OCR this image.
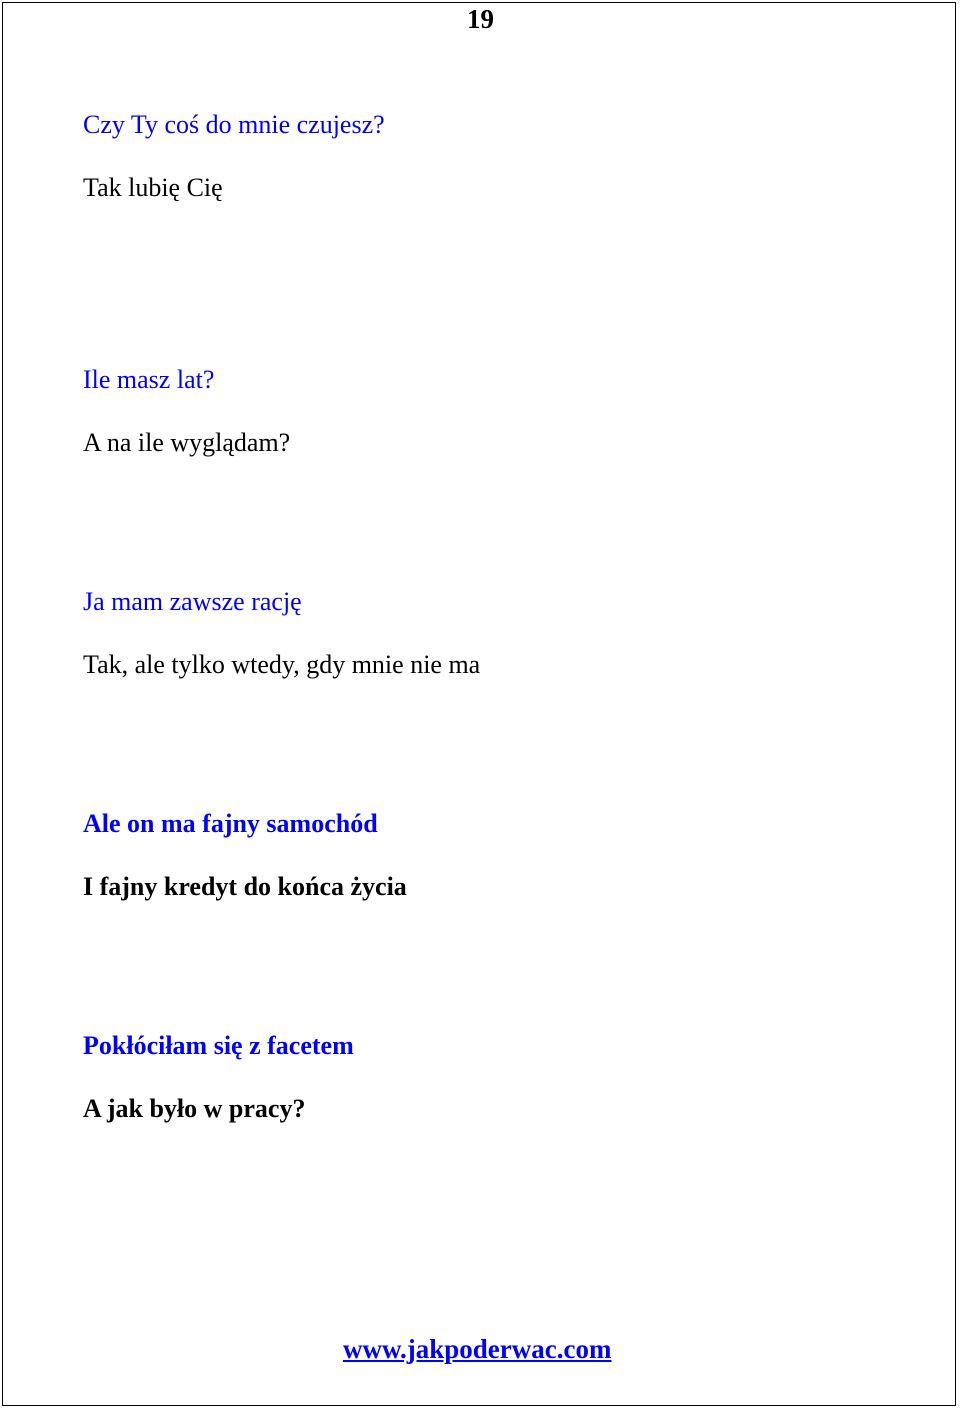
19
Czy Ty coś do mnie czujesz?
Tak lubię Cię
Ile masz lat?
A na ile wyglądam?
Ja mam zawsze rację
Tak, ale tylko wtedy, gdy mnie nie ma
Ale on ma fajny samochód
I fajny kredyt do końca życia
Pokłóciłam się z facetem
A jak było w pracy?
www.jakpoderwac.com
